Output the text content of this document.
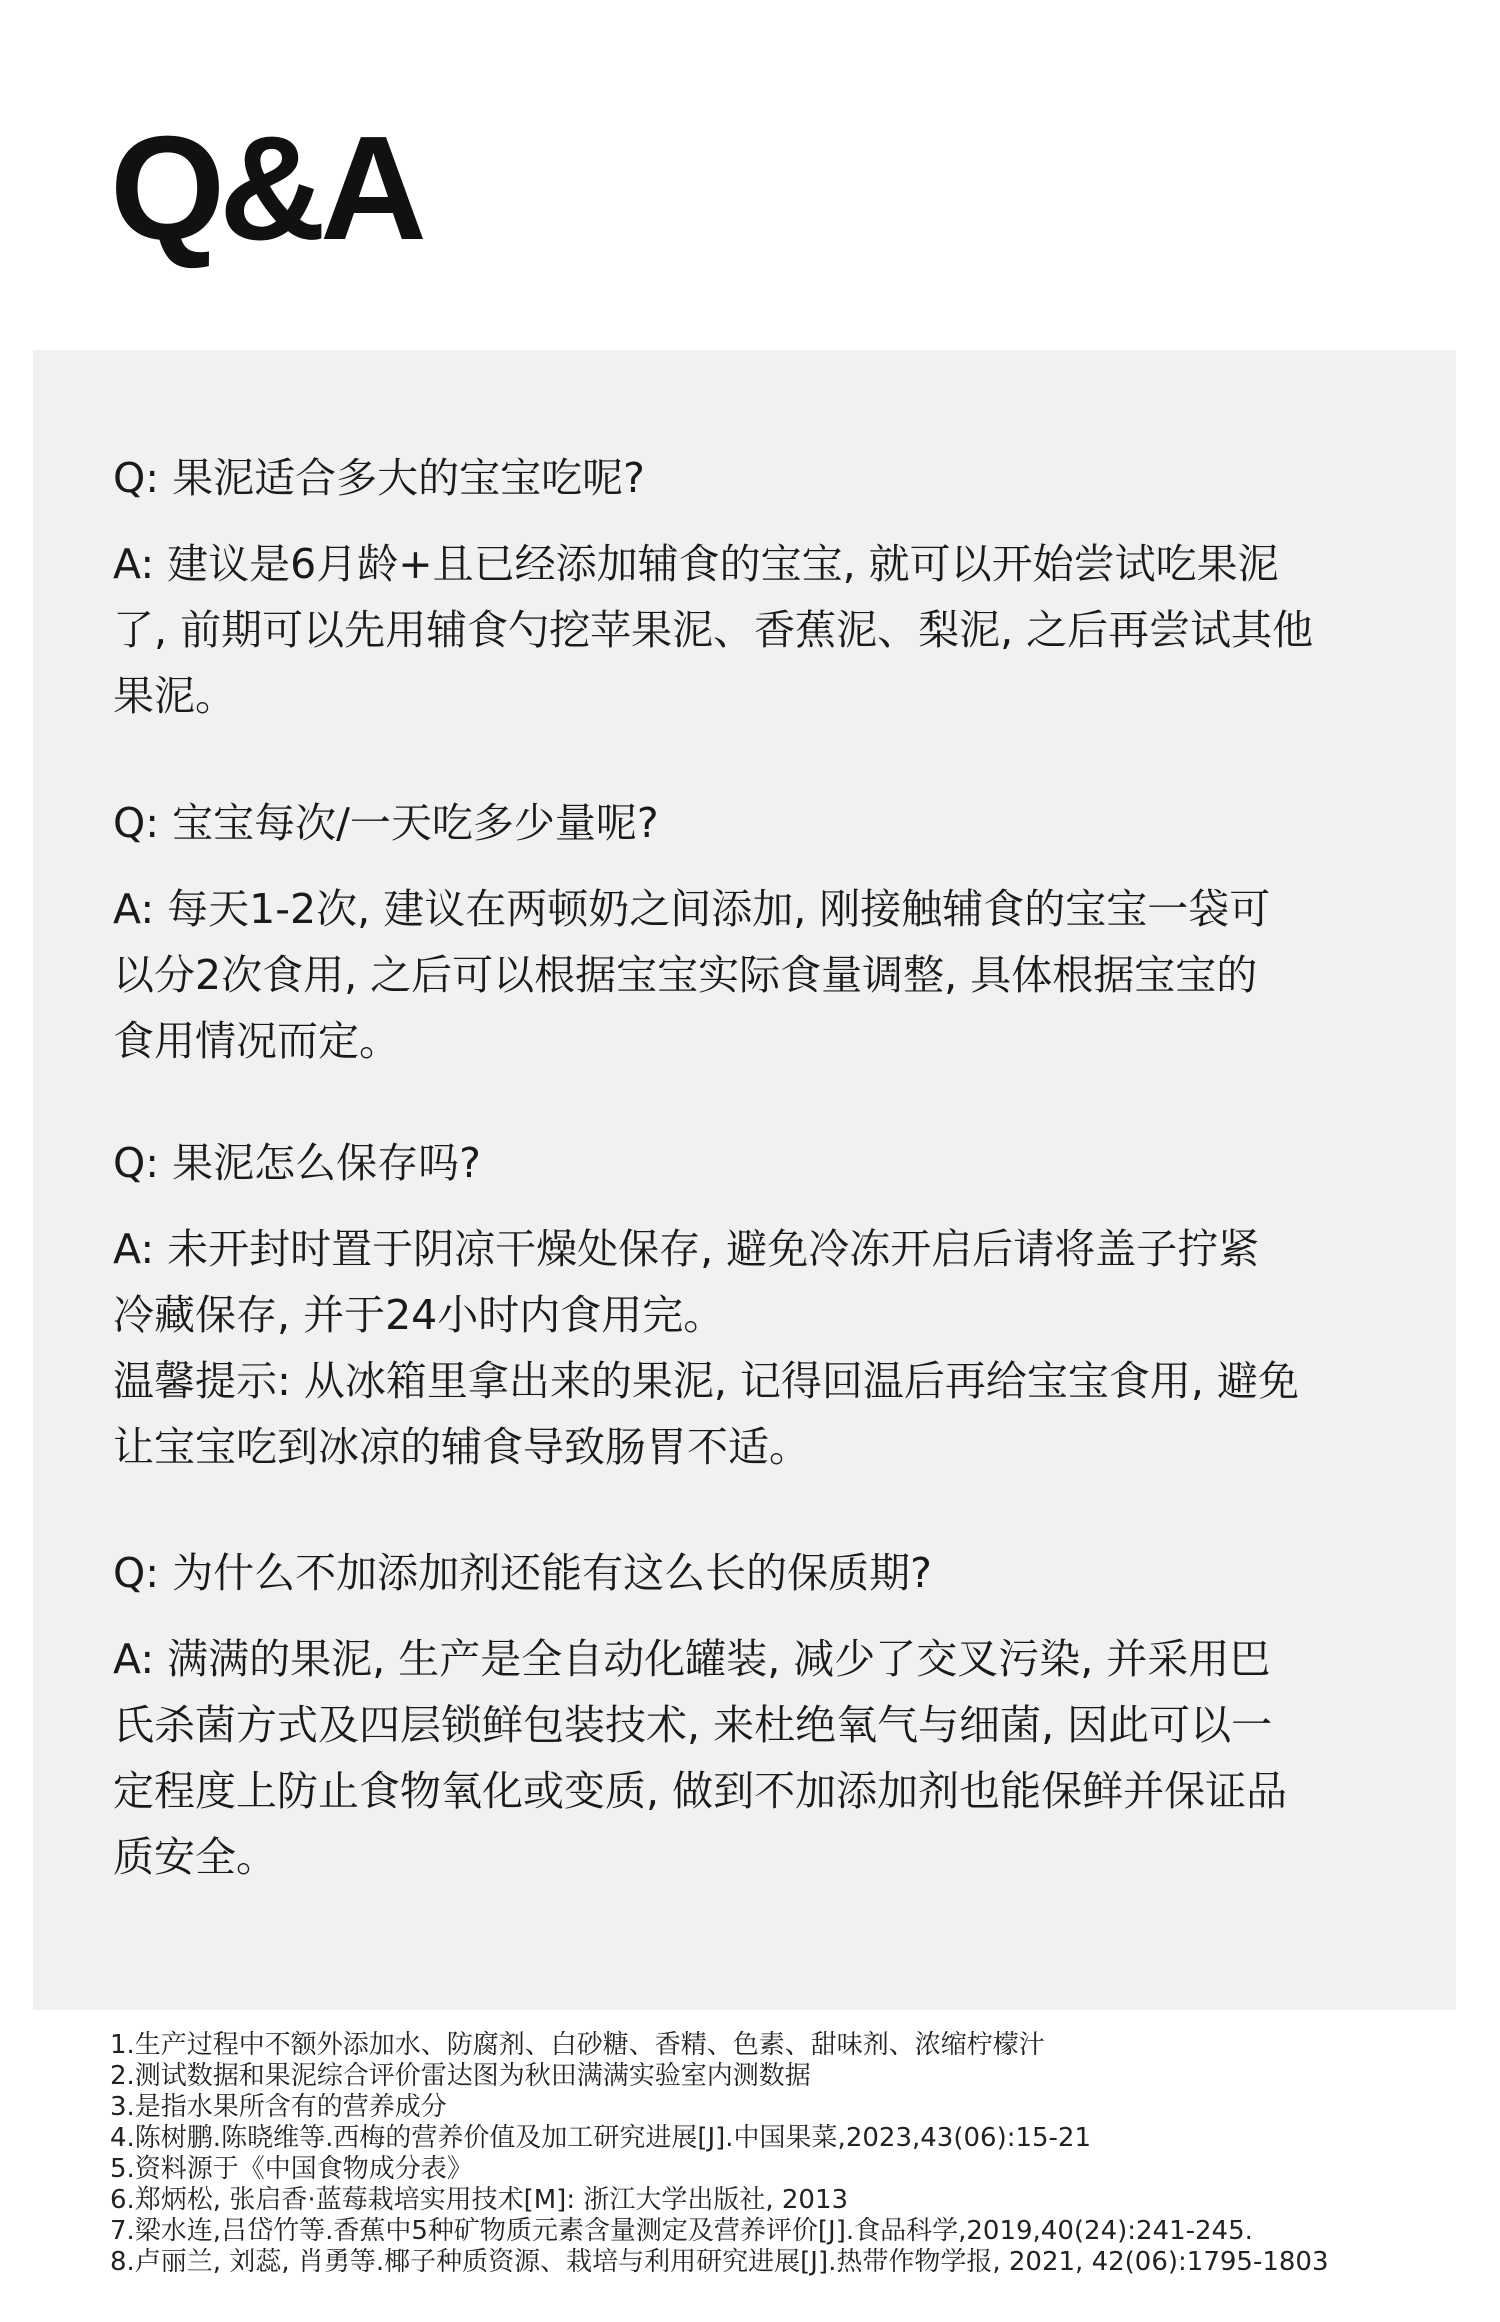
Q&A

Q: 果泥适合多大的宝宝吃呢?

A: 建议是6月龄+且已经添加辅食的宝宝, 就可以开始尝试吃果泥
了, 前期可以先用辅食勺挖苹果泥、香蕉泥、梨泥, 之后再尝试其他
果泥。

Q: 宝宝每次/一天吃多少量呢?

A: 每天1-2次, 建议在两顿奶之间添加, 刚接触辅食的宝宝一袋可
以分2次食用, 之后可以根据宝宝实际食量调整, 具体根据宝宝的
食用情况而定。

Q: 果泥怎么保存吗?

A: 未开封时置于阴凉干燥处保存, 避免冷冻开启后请将盖子拧紧
冷藏保存, 并于24小时内食用完。
温馨提示: 从冰箱里拿出来的果泥, 记得回温后再给宝宝食用, 避免
让宝宝吃到冰凉的辅食导致肠胃不适。

Q: 为什么不加添加剂还能有这么长的保质期?

A: 满满的果泥, 生产是全自动化罐装, 减少了交叉污染, 并采用巴
氏杀菌方式及四层锁鲜包装技术, 来杜绝氧气与细菌, 因此可以一
定程度上防止食物氧化或变质, 做到不加添加剂也能保鲜并保证品
质安全。

1.生产过程中不额外添加水、防腐剂、白砂糖、香精、色素、甜味剂、浓缩柠檬汁
2.测试数据和果泥综合评价雷达图为秋田满满实验室内测数据
3.是指水果所含有的营养成分
4.陈树鹏.陈晓维等.西梅的营养价值及加工研究进展[J].中国果菜,2023,43(06):15-21
5.资料源于《中国食物成分表》
6.郑炳松, 张启香·蓝莓栽培实用技术[M]: 浙江大学出版社, 2013
7.梁水连,吕岱竹等.香蕉中5种矿物质元素含量测定及营养评价[J].食品科学,2019,40(24):241-245.
8.卢丽兰, 刘蕊, 肖勇等.椰子种质资源、栽培与利用研究进展[J].热带作物学报, 2021, 42(06):1795-1803
